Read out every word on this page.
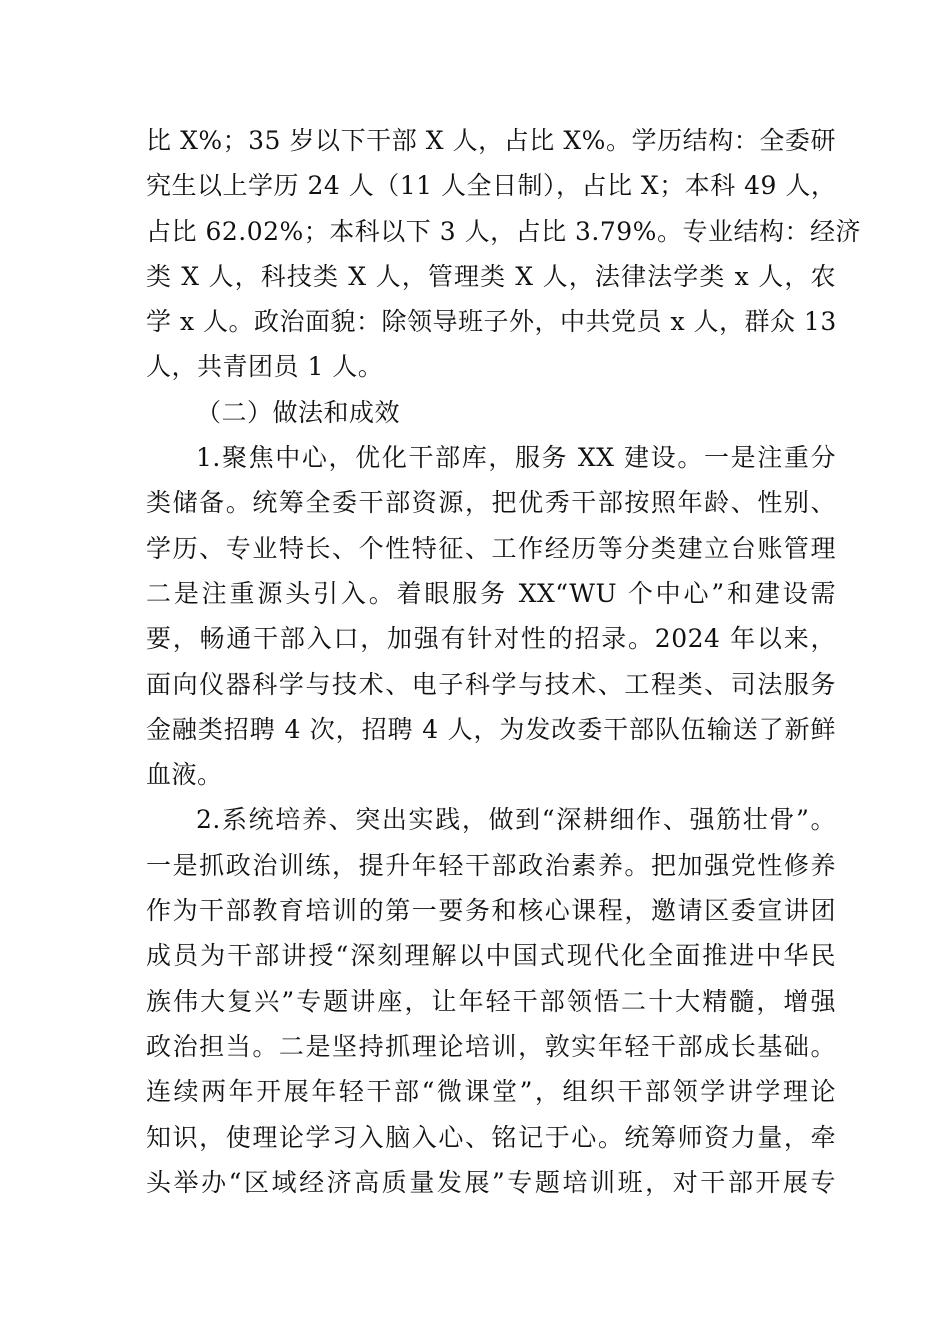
比 X%；35 岁以下干部 X 人，占比 X%。学历结构：全委研
究生以上学历 24 人（11 人全日制），占比 X；本科 49 人，
占比 62.02%；本科以下 3 人，占比 3.79%。专业结构：经济
类 X 人，科技类 X 人，管理类 X 人，法律法学类 x 人，农
学 x 人。政治面貌：除领导班子外，中共党员 x 人，群众 13
人，共青团员 1 人。
（二）做法和成效
1.聚焦中心，优化干部库，服务 XX 建设。一是注重分
类储备。统筹全委干部资源，把优秀干部按照年龄、性别、
学历、专业特长、个性特征、工作经历等分类建立台账管理
二是注重源头引入。着眼服务 XX“WU 个中心”和建设需
要，畅通干部入口，加强有针对性的招录。2024 年以来，
面向仪器科学与技术、电子科学与技术、工程类、司法服务
金融类招聘 4 次，招聘 4 人，为发改委干部队伍输送了新鲜
血液。
2.系统培养、突出实践，做到“深耕细作、强筋壮骨”。
一是抓政治训练，提升年轻干部政治素养。把加强党性修养
作为干部教育培训的第一要务和核心课程，邀请区委宣讲团
成员为干部讲授“深刻理解以中国式现代化全面推进中华民
族伟大复兴”专题讲座，让年轻干部领悟二十大精髓，增强
政治担当。二是坚持抓理论培训，敦实年轻干部成长基础。
连续两年开展年轻干部“微课堂”，组织干部领学讲学理论
知识，使理论学习入脑入心、铭记于心。统筹师资力量，牵
头举办“区域经济高质量发展”专题培训班，对干部开展专
